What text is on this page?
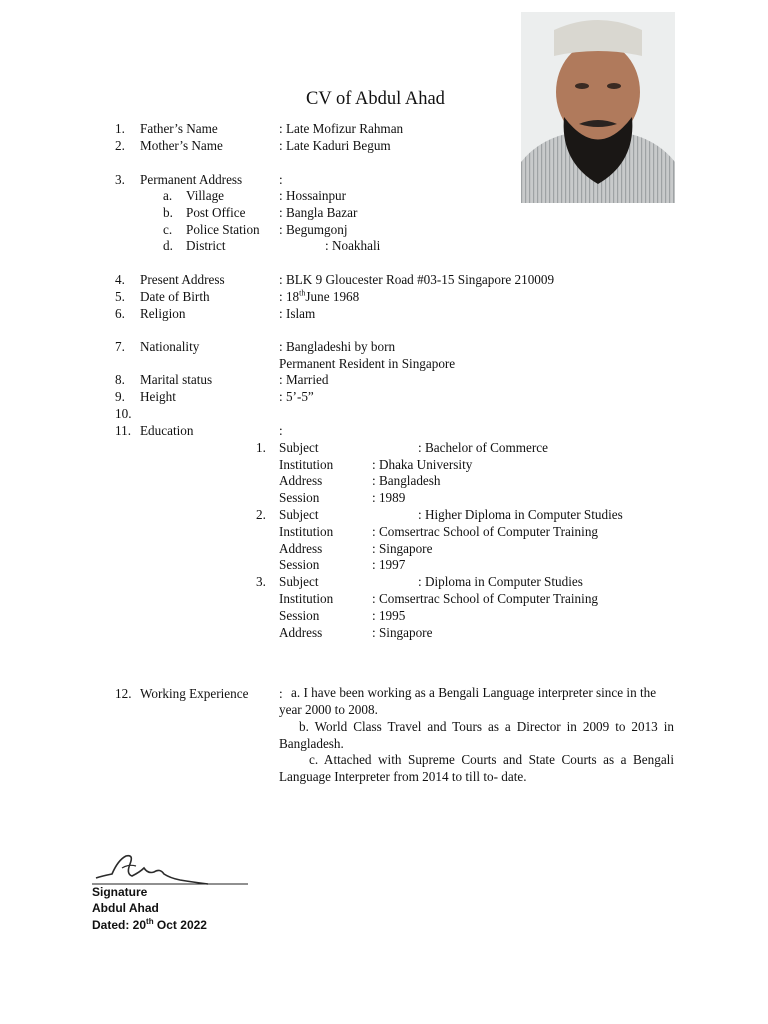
CV of Abdul Ahad
1. Father’s Name	: Late Mofizur Rahman
2. Mother’s Name	: Late Kaduri Begum
3. Permanent Address	:
a. Village	: Hossainpur
b. Post Office	: Bangla Bazar
c. Police Station : Begumgonj
d. District	: Noakhali
4. Present Address	: BLK 9 Gloucester Road #03-15 Singapore 210009
5. Date of Birth	: 18thJune 1968
6. Religion	: Islam
7. Nationality	: Bangladeshi by born
Permanent Resident in Singapore
8. Marital status	: Married
9. Height	: 5’-5”
10.
11. Education	:
1. Subject	: Bachelor of Commerce
Institution	: Dhaka University
Address	: Bangladesh
Session	: 1989
2. Subject	: Higher Diploma in Computer Studies
Institution	: Comsertrac School of Computer Training
Address	: Singapore
Session	: 1997
3. Subject	: Diploma in Computer Studies
Institution	: Comsertrac School of Computer Training
Session	: 1995
Address	: Singapore
12. Working Experience : a. I have been working as a Bengali Language interpreter since in the year 2000 to 2008.
b. World Class Travel and Tours as a Director in 2009 to 2013 in Bangladesh.
c. Attached with Supreme Courts and State Courts as a Bengali Language Interpreter from 2014 to till to- date.
Signature
Abdul Ahad
Dated: 20th Oct 2022
